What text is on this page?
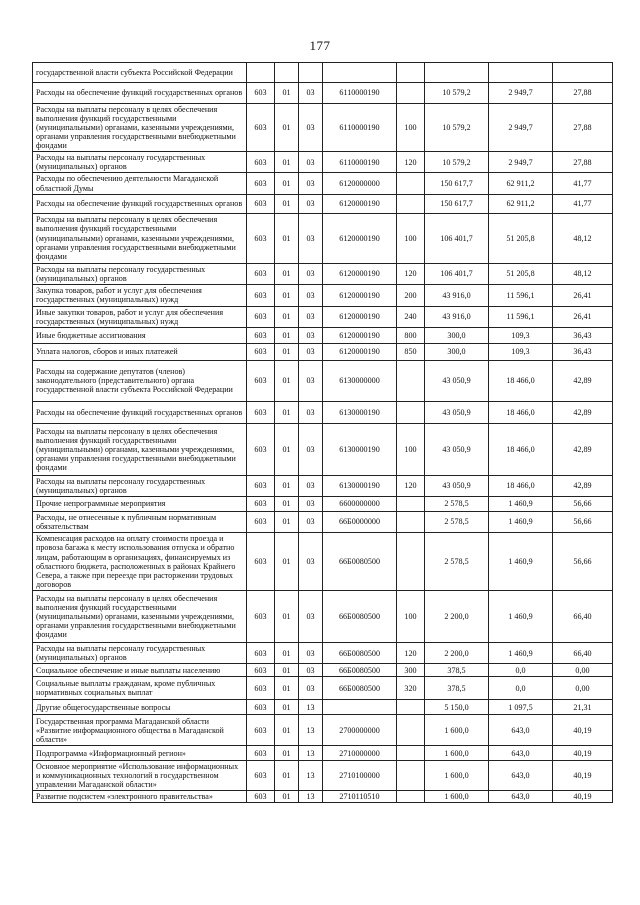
177
государственной власти субъекта Российской Федерации								
Расходы на обеспечение функций государственных органов	603	01	03	6110000190		10 579,2	2 949,7	27,88
Расходы на выплаты персоналу в целях обеспечения выполнения функций государственными (муниципальными) органами, казенными учреждениями, органами управления государственными внебюджетными фондами	603	01	03	6110000190	100	10 579,2	2 949,7	27,88
Расходы на выплаты персоналу государственных (муниципальных) органов	603	01	03	6110000190	120	10 579,2	2 949,7	27,88
Расходы по обеспечению деятельности Магаданской областной Думы	603	01	03	6120000000		150 617,7	62 911,2	41,77
Расходы на обеспечение функций государственных органов	603	01	03	6120000190		150 617,7	62 911,2	41,77
Расходы на выплаты персоналу в целях обеспечения выполнения функций государственными (муниципальными) органами, казенными учреждениями, органами управления государственными внебюджетными фондами	603	01	03	6120000190	100	106 401,7	51 205,8	48,12
Расходы на выплаты персоналу государственных (муниципальных) органов	603	01	03	6120000190	120	106 401,7	51 205,8	48,12
Закупка товаров, работ и услуг для обеспечения государственных (муниципальных) нужд	603	01	03	6120000190	200	43 916,0	11 596,1	26,41
Иные закупки товаров, работ и услуг для обеспечения государственных (муниципальных) нужд	603	01	03	6120000190	240	43 916,0	11 596,1	26,41
Иные бюджетные ассигнования	603	01	03	6120000190	800	300,0	109,3	36,43
Уплата налогов, сборов и иных платежей	603	01	03	6120000190	850	300,0	109,3	36,43
Расходы на содержание депутатов (членов) законодательного (представительного) органа государственной власти субъекта Российской Федерации	603	01	03	6130000000		43 050,9	18 466,0	42,89
Расходы на обеспечение функций государственных органов	603	01	03	6130000190		43 050,9	18 466,0	42,89
Расходы на выплаты персоналу в целях обеспечения выполнения функций государственными (муниципальными) органами, казенными учреждениями, органами управления государственными внебюджетными фондами	603	01	03	6130000190	100	43 050,9	18 466,0	42,89
Расходы на выплаты персоналу государственных (муниципальных) органов	603	01	03	6130000190	120	43 050,9	18 466,0	42,89
Прочие непрограммные мероприятия	603	01	03	6600000000		2 578,5	1 460,9	56,66
Расходы, не отнесенные к публичным нормативным обязательствам	603	01	03	66Б0000000		2 578,5	1 460,9	56,66
Компенсация расходов на оплату стоимости проезда и провоза багажа к месту использования отпуска и обратно лицам, работающим в организациях, финансируемых из областного бюджета, расположенных в районах Крайнего Севера, а также при переезде при расторжении трудовых договоров	603	01	03	66Б0080500		2 578,5	1 460,9	56,66
Расходы на выплаты персоналу в целях обеспечения выполнения функций государственными (муниципальными) органами, казенными учреждениями, органами управления государственными внебюджетными фондами	603	01	03	66Б0080500	100	2 200,0	1 460,9	66,40
Расходы на выплаты персоналу государственных (муниципальных) органов	603	01	03	66Б0080500	120	2 200,0	1 460,9	66,40
Социальное обеспечение и иные выплаты населению	603	01	03	66Б0080500	300	378,5	0,0	0,00
Социальные выплаты гражданам, кроме публичных нормативных социальных выплат	603	01	03	66Б0080500	320	378,5	0,0	0,00
Другие общегосударственные вопросы	603	01	13			5 150,0	1 097,5	21,31
Государственная программа Магаданской области «Развитие информационного общества в Магаданской области»	603	01	13	2700000000		1 600,0	643,0	40,19
Подпрограмма «Информационный регион»	603	01	13	2710000000		1 600,0	643,0	40,19
Основное мероприятие «Использование информационных и коммуникационных технологий в государственном управлении Магаданской области»	603	01	13	2710100000		1 600,0	643,0	40,19
Развитие подсистем «электронного правительства»	603	01	13	2710110510		1 600,0	643,0	40,19
